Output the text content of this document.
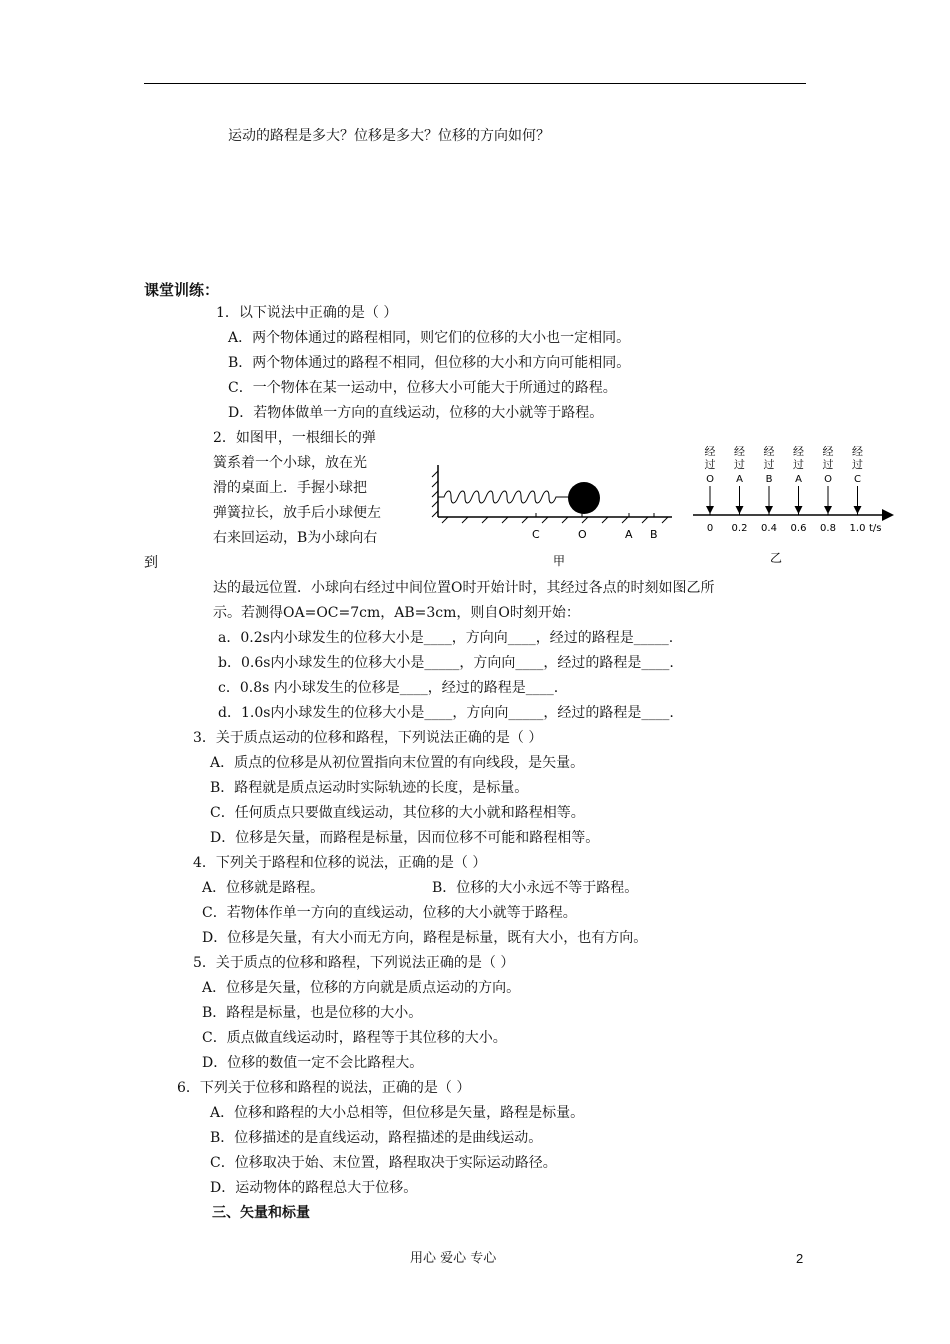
运动的路程是多大？位移是多大？位移的方向如何？
课堂训练：
1．以下说法中正确的是（ ）
A．两个物体通过的路程相同，则它们的位移的大小也一定相同。
B．两个物体通过的路程不相同，但位移的大小和方向可能相同。
C．一个物体在某一运动中，位移大小可能大于所通过的路程。
D．若物体做单一方向的直线运动，位移的大小就等于路程。
2．如图甲，一根细长的弹
簧系着一个小球，放在光
滑的桌面上．手握小球把
弹簧拉长，放手后小球便左
右来回运动，B为小球向右
到
C	O	A B
甲
经
过
O
经
过
A
经
过
B
经
过
A
经
过
O
经
过
C
0 0.2 0.4 0.6 0.8 1.0 t/s
乙
达的最远位置．小球向右经过中间位置O时开始计时，其经过各点的时刻如图乙所
示。若测得OA=OC=7cm，AB=3cm，则自O时刻开始：
a．0.2s内小球发生的位移大小是____，方向向____，经过的路程是_____.
b．0.6s内小球发生的位移大小是_____，方向向____，经过的路程是____.
c．0.8s 内小球发生的位移是____，经过的路程是____.
d．1.0s内小球发生的位移大小是____，方向向_____，经过的路程是____.
3．关于质点运动的位移和路程，下列说法正确的是（ ）
A．质点的位移是从初位置指向末位置的有向线段，是矢量。
B．路程就是质点运动时实际轨迹的长度，是标量。
C．任何质点只要做直线运动，其位移的大小就和路程相等。
D．位移是矢量，而路程是标量，因而位移不可能和路程相等。
4．下列关于路程和位移的说法，正确的是（ ）
A．位移就是路程。	B．位移的大小永远不等于路程。
C．若物体作单一方向的直线运动，位移的大小就等于路程。
D．位移是矢量，有大小而无方向，路程是标量，既有大小，也有方向。
5．关于质点的位移和路程，下列说法正确的是（ ）
A．位移是矢量，位移的方向就是质点运动的方向。
B．路程是标量，也是位移的大小。
C．质点做直线运动时，路程等于其位移的大小。
D．位移的数值一定不会比路程大。
6．下列关于位移和路程的说法，正确的是（ ）
A．位移和路程的大小总相等，但位移是矢量，路程是标量。
B．位移描述的是直线运动，路程描述的是曲线运动。
C．位移取决于始、末位置，路程取决于实际运动路径。
D．运动物体的路程总大于位移。
三、矢量和标量
用心 爱心 专心	2
